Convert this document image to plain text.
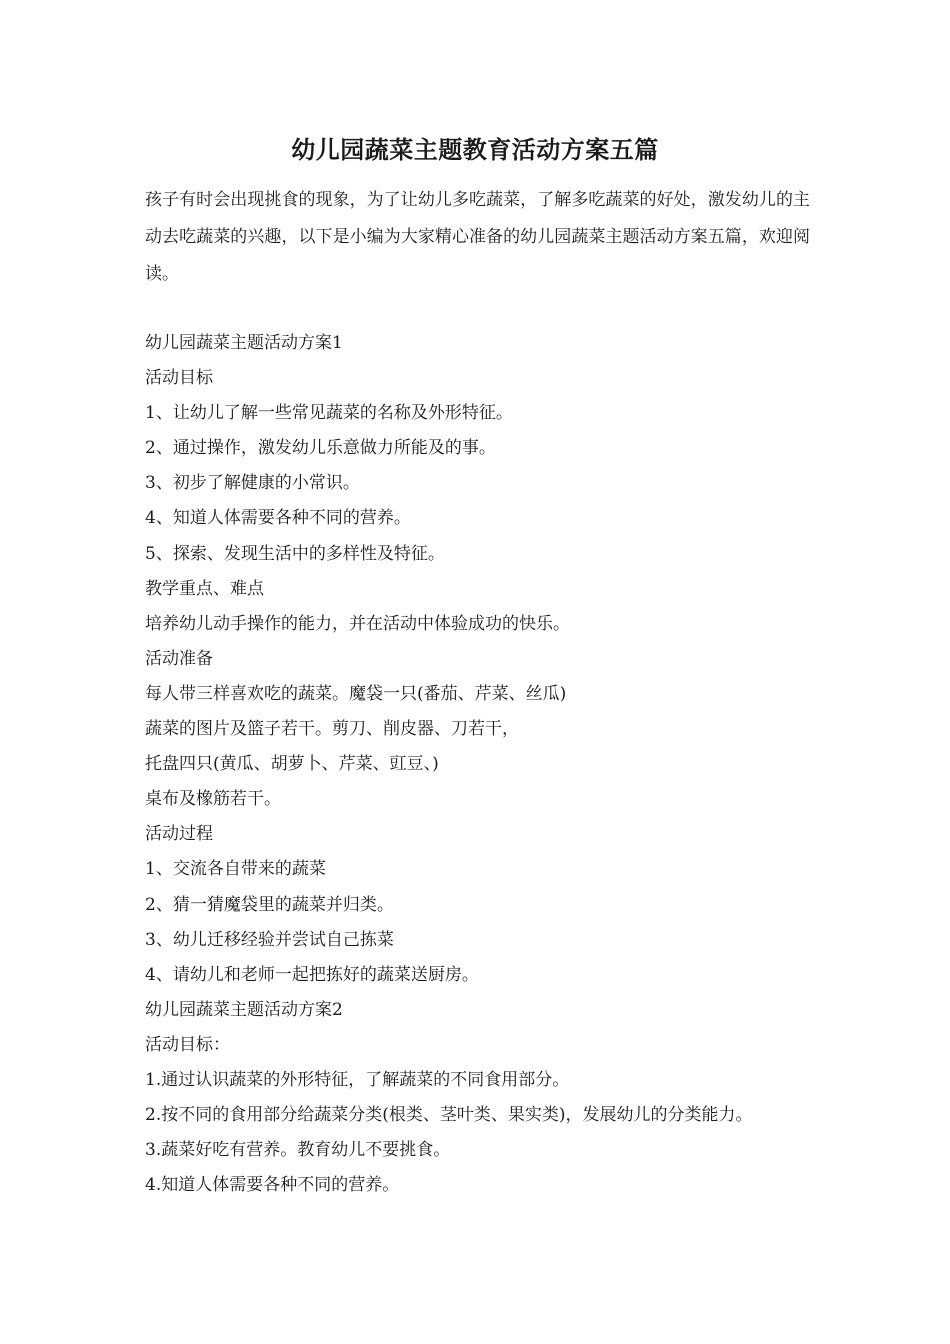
幼儿园蔬菜主题教育活动方案五篇

孩子有时会出现挑食的现象，为了让幼儿多吃蔬菜，了解多吃蔬菜的好处，激发幼儿的主动去吃蔬菜的兴趣，以下是小编为大家精心准备的幼儿园蔬菜主题活动方案五篇，欢迎阅读。

幼儿园蔬菜主题活动方案1
活动目标
1、让幼儿了解一些常见蔬菜的名称及外形特征。
2、通过操作，激发幼儿乐意做力所能及的事。
3、初步了解健康的小常识。
4、知道人体需要各种不同的营养。
5、探索、发现生活中的多样性及特征。
教学重点、难点
培养幼儿动手操作的能力，并在活动中体验成功的快乐。
活动准备
每人带三样喜欢吃的蔬菜。魔袋一只(番茄、芹菜、丝瓜)
蔬菜的图片及篮子若干。剪刀、削皮器、刀若干，
托盘四只(黄瓜、胡萝卜、芹菜、豇豆、)
桌布及橡筋若干。
活动过程
1、交流各自带来的蔬菜
2、猜一猜魔袋里的蔬菜并归类。
3、幼儿迁移经验并尝试自己拣菜
4、请幼儿和老师一起把拣好的蔬菜送厨房。
幼儿园蔬菜主题活动方案2
活动目标：
1.通过认识蔬菜的外形特征，了解蔬菜的不同食用部分。
2.按不同的食用部分给蔬菜分类(根类、茎叶类、果实类)，发展幼儿的分类能力。
3.蔬菜好吃有营养。教育幼儿不要挑食。
4.知道人体需要各种不同的营养。
